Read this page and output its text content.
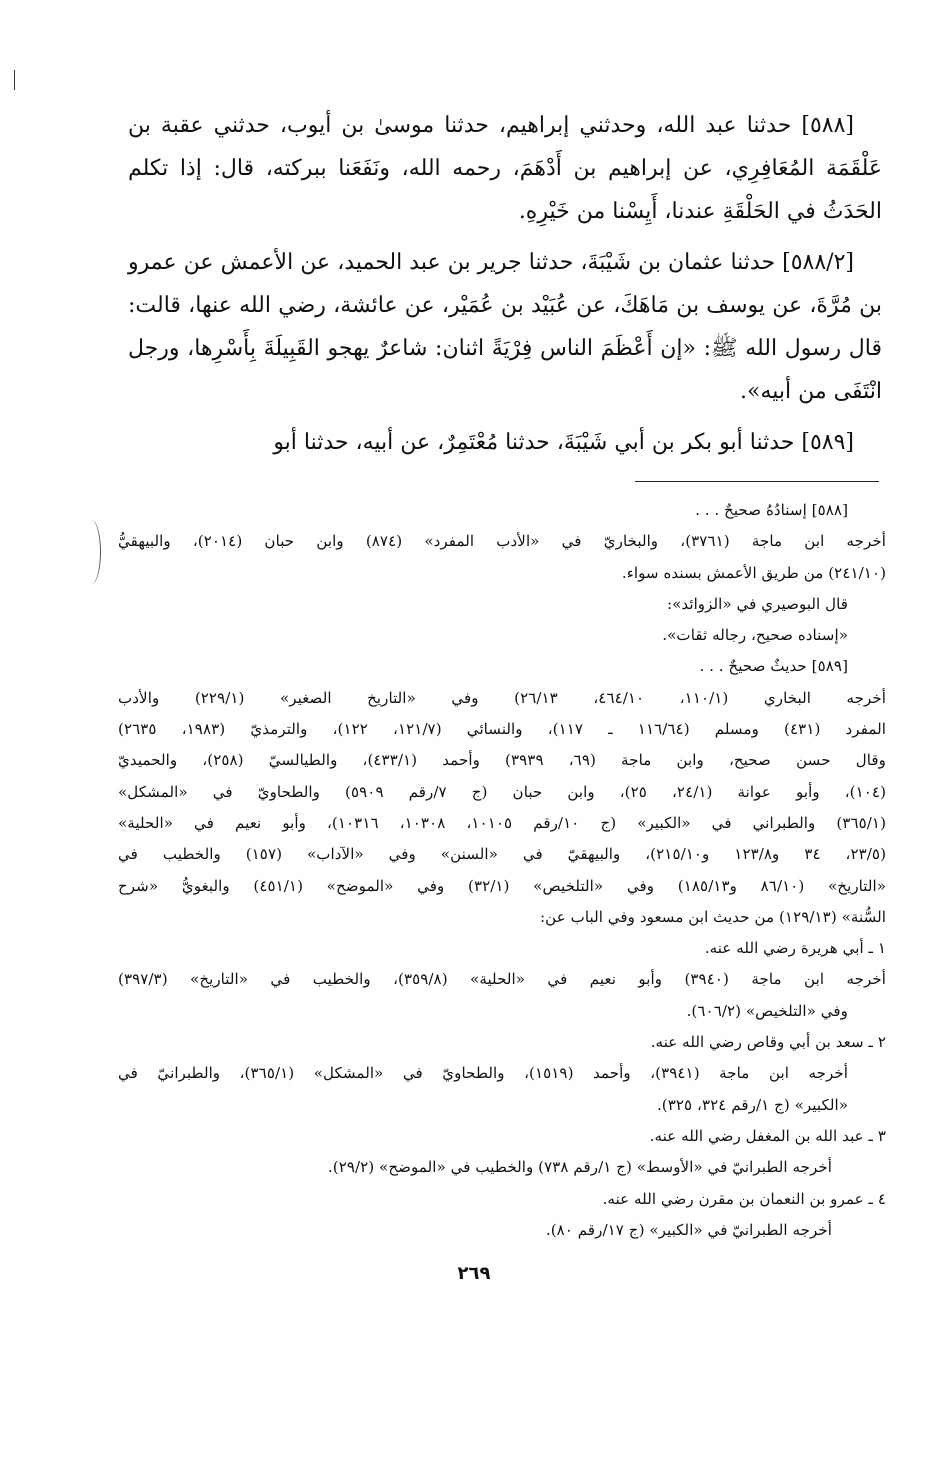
[٥٨٨] حدثنا عبد الله، وحدثني إبراهيم، حدثنا موسىٰ بن أيوب، حدثني عقبة بن عَلْقَمَة المُعَافِرِي، عن إبراهيم بن أَدْهَمَ، رحمه الله، ونَفَعَنا ببركته، قال: إذا تكلم الحَدَثُ في الحَلْقَةِ عندنا، أَيِسْنا من خَيْرِهِ.

[٥٨٨/٢] حدثنا عثمان بن شَيْبَةَ، حدثنا جرير بن عبد الحميد، عن الأعمش عن عمرو بن مُرَّةَ، عن يوسف بن مَاهَكَ، عن عُبَيْد بن عُمَيْر، عن عائشة، رضي الله عنها، قالت: قال رسول الله ﷺ: «إن أَعْظَمَ الناس فِرْيَةً اثنان: شاعرٌ يهجو القَبِيلَةَ بِأَسْرِها، ورجل انْتَفَى من أبيه».

[٥٨٩] حدثنا أبو بكر بن أبي شَيْبَةَ، حدثنا مُعْتَمِرٌ، عن أبيه، حدثنا أبو

[٥٨٨] إسنادُهُ صحيحٌ . . .
أخرجه ابن ماجة (٣٧٦١)، والبخاريّ في «الأدب المفرد» (٨٧٤) وابن حبان (٢٠١٤)، والبيهقيُّ
(٢٤١/١٠) من طريق الأعمش بسنده سواء.
قال البوصيري في «الزوائد»:
«إسناده صحيح، رجاله ثقات».
[٥٨٩] حديثٌ صحيحٌ . . .
أخرجه البخاري (١١٠/١، ٤٦٤/١٠، ٢٦/١٣) وفي «التاريخ الصغير» (٢٢٩/١) والأدب
المفرد (٤٣١) ومسلم (١١٦/٦٤ ـ ١١٧)، والنسائي (١٢١/٧، ١٢٢)، والترمذيّ (١٩٨٣، ٢٦٣٥)
وقال حسن صحيح، وابن ماجة (٦٩، ٣٩٣٩) وأحمد (٤٣٣/١)، والطيالسيّ (٢٥٨)، والحميديّ
(١٠٤)، وأبو عوانة (٢٤/١، ٢٥)، وابن حبان (ج ٧/رقم ٥٩٠٩) والطحاويّ في «المشكل»
(٣٦٥/١) والطبراني في «الكبير» (ج ١٠/رقم ١٠١٠٥، ١٠٣٠٨، ١٠٣١٦)، وأبو نعيم في «الحلية»
(٢٣/٥، ٣٤ و١٢٣/٨ و٢١٥/١٠)، والبيهقيّ في «السنن» وفي «الآداب» (١٥٧) والخطيب في
«التاريخ» (٨٦/١٠ و١٨٥/١٣) وفي «التلخيص» (٣٢/١) وفي «الموضح» (٤٥١/١) والبغويُّ «شرح
السُّنة» (١٢٩/١٣) من حديث ابن مسعود وفي الباب عن:
١ ـ أبي هريرة رضي الله عنه.
أخرجه ابن ماجة (٣٩٤٠) وأبو نعيم في «الحلية» (٣٥٩/٨)، والخطيب في «التاريخ» (٣٩٧/٣)
وفي «التلخيص» (٦٠٦/٢).
٢ ـ سعد بن أبي وقاص رضي الله عنه.
أخرجه ابن ماجة (٣٩٤١)، وأحمد (١٥١٩)، والطحاويّ في «المشكل» (٣٦٥/١)، والطبرانيّ في
«الكبير» (ج ١/رقم ٣٢٤، ٣٢٥).
٣ ـ عبد الله بن المغفل رضي الله عنه.
أخرجه الطبرانيّ في «الأوسط» (ج ١/رقم ٧٣٨) والخطيب في «الموضح» (٢٩/٢).
٤ ـ عمرو بن النعمان بن مقرن رضي الله عنه.
أخرجه الطبرانيّ في «الكبير» (ج ١٧/رقم ٨٠).
٢٦٩
